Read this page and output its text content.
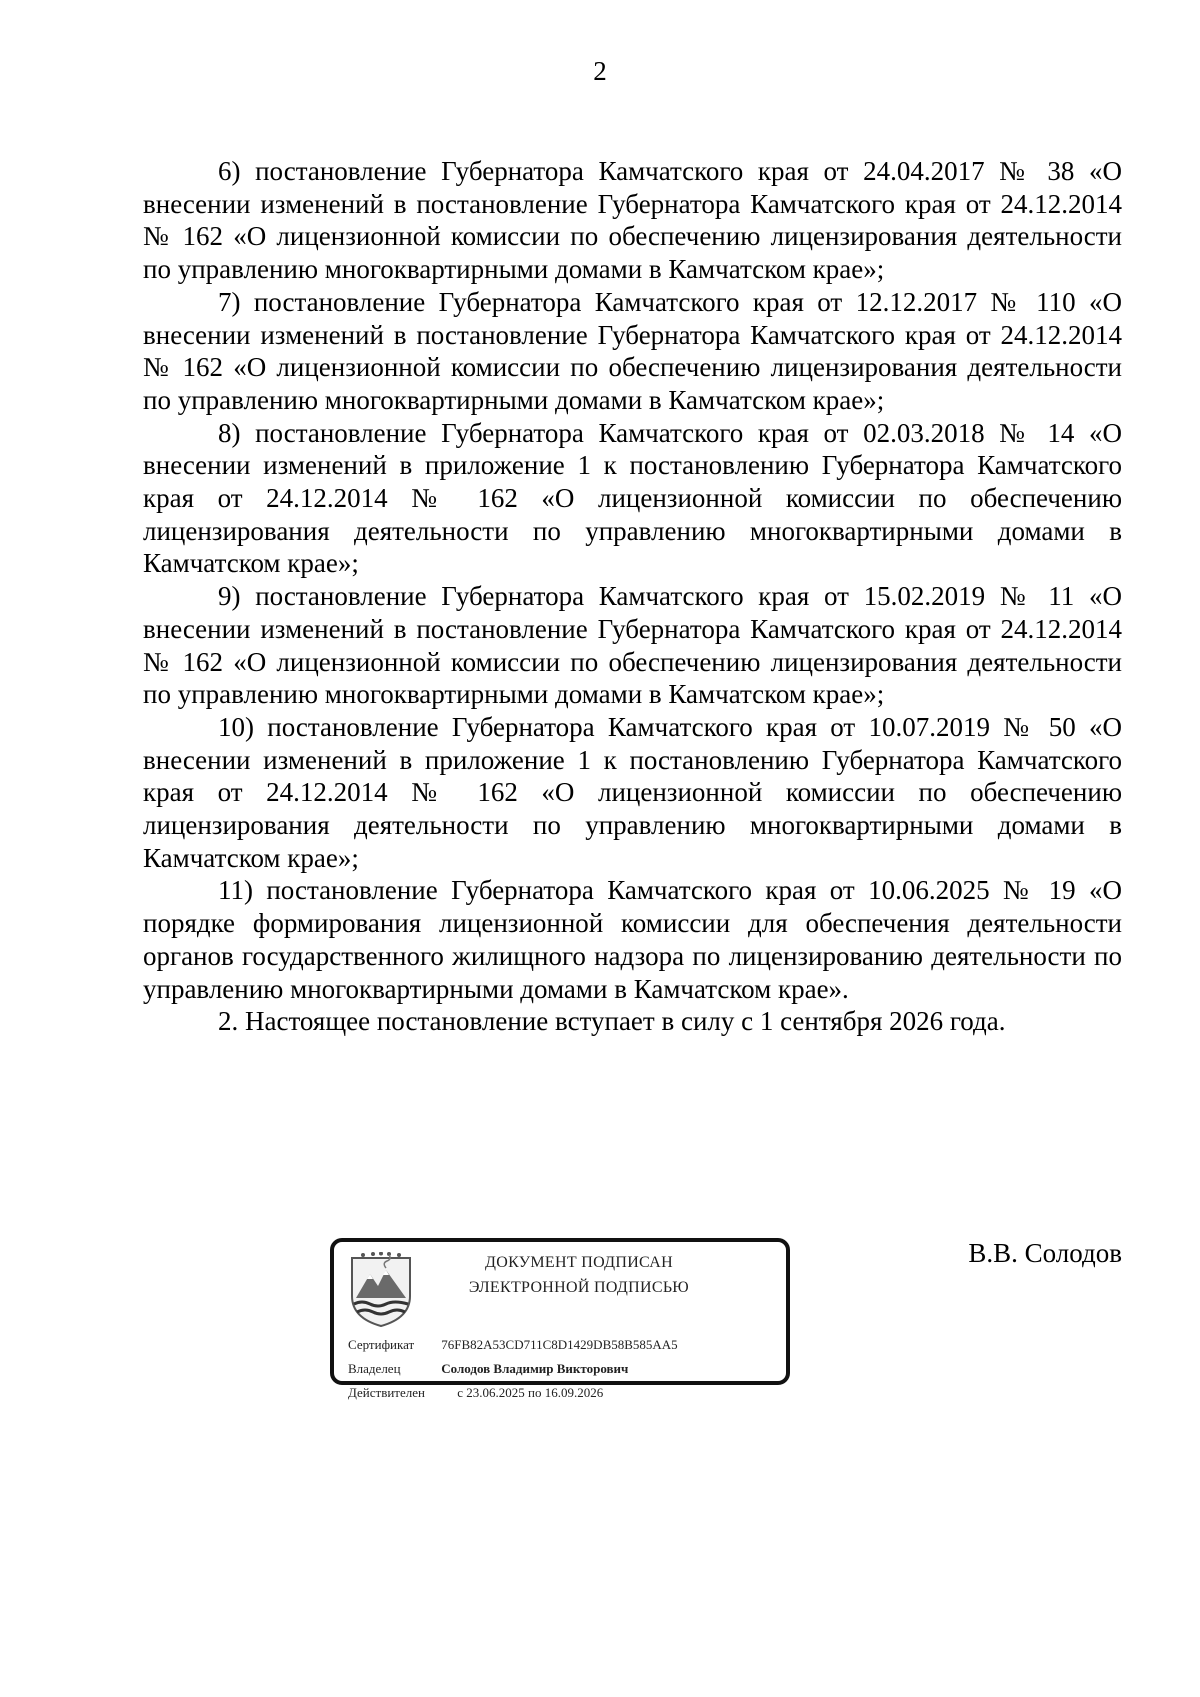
2

6) постановление Губернатора Камчатского края от 24.04.2017 № 38 «О внесении изменений в постановление Губернатора Камчатского края от 24.12.2014 № 162 «О лицензионной комиссии по обеспечению лицензирования деятельности по управлению многоквартирными домами в Камчатском крае»;

7) постановление Губернатора Камчатского края от 12.12.2017 № 110 «О внесении изменений в постановление Губернатора Камчатского края от 24.12.2014 № 162 «О лицензионной комиссии по обеспечению лицензирования деятельности по управлению многоквартирными домами в Камчатском крае»;

8) постановление Губернатора Камчатского края от 02.03.2018 № 14 «О внесении изменений в приложение 1 к постановлению Губернатора Камчатского края от 24.12.2014 № 162 «О лицензионной комиссии по обеспечению лицензирования деятельности по управлению многоквартирными домами в Камчатском крае»;

9) постановление Губернатора Камчатского края от 15.02.2019 № 11 «О внесении изменений в постановление Губернатора Камчатского края от 24.12.2014 № 162 «О лицензионной комиссии по обеспечению лицензирования деятельности по управлению многоквартирными домами в Камчатском крае»;

10) постановление Губернатора Камчатского края от 10.07.2019 № 50 «О внесении изменений в приложение 1 к постановлению Губернатора Камчатского края от 24.12.2014 № 162 «О лицензионной комиссии по обеспечению лицензирования деятельности по управлению многоквартирными домами в Камчатском крае»;

11) постановление Губернатора Камчатского края от 10.06.2025 № 19 «О порядке формирования лицензионной комиссии для обеспечения деятельности органов государственного жилищного надзора по лицензированию деятельности по управлению многоквартирными домами в Камчатском крае».

2. Настоящее постановление вступает в силу с 1 сентября 2026 года.

ДОКУМЕНТ ПОДПИСАН
ЭЛЕКТРОННОЙ ПОДПИСЬЮ
Сертификат 76FB82A53CD711C8D1429DB58B585AA5
Владелец	Солодов Владимир Викторович
Действителен с 23.06.2025 по 16.09.2026
В.В. Солодов
